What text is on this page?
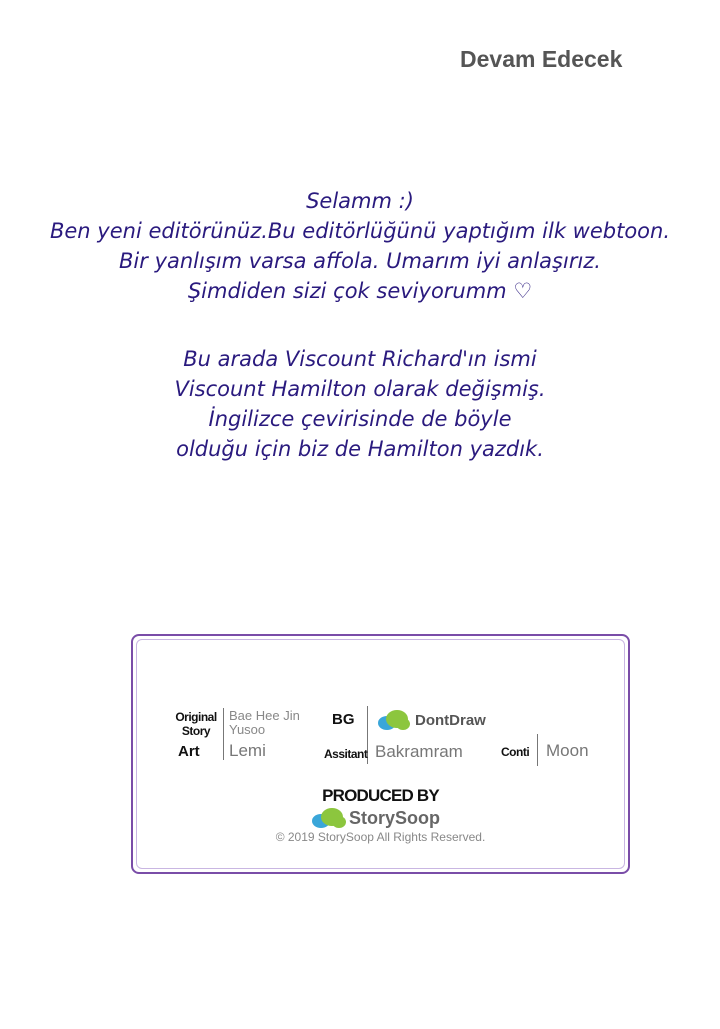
Devam Edecek
Selamm :)
Ben yeni editörünüz.Bu editörlüğünü yaptığım ilk webtoon.
Bir yanlışım varsa affola. Umarım iyi anlaşırız.
Şimdiden sizi çok seviyorumm ♡
Bu arada Viscount Richard'ın ismi
Viscount Hamilton olarak değişmiş.
İngilizce çevirisinde de böyle
olduğu için biz de Hamilton yazdık.
Original
Story
Bae Hee Jin
Yusoo
Art Lemi
BG	DontDraw
Assitant Bakramram	Conti Moon
PRODUCED BY
StorySoop
© 2019 StorySoop All Rights Reserved.
